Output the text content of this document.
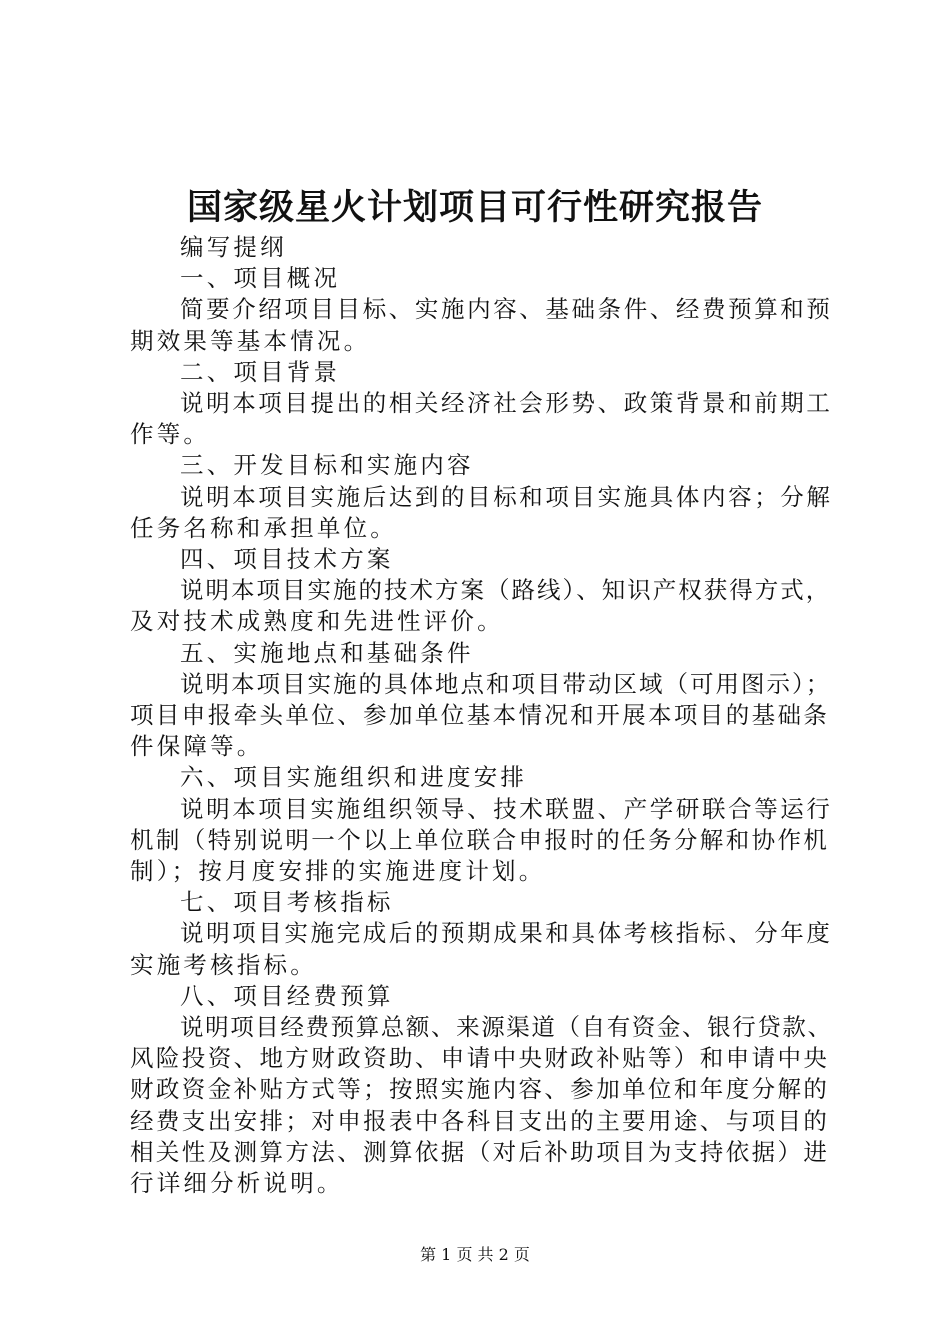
国家级星火计划项目可行性研究报告

编写提纲

一、项目概况

简要介绍项目目标、实施内容、基础条件、经费预算和预

期效果等基本情况。

二、项目背景

说明本项目提出的相关经济社会形势、政策背景和前期工

作等。

三、开发目标和实施内容

说明本项目实施后达到的目标和项目实施具体内容；分解

任务名称和承担单位。

四、项目技术方案

说明本项目实施的技术方案（路线）、知识产权获得方式，

及对技术成熟度和先进性评价。

五、实施地点和基础条件

说明本项目实施的具体地点和项目带动区域（可用图示）；

项目申报牵头单位、参加单位基本情况和开展本项目的基础条

件保障等。

六、项目实施组织和进度安排

说明本项目实施组织领导、技术联盟、产学研联合等运行

机制（特别说明一个以上单位联合申报时的任务分解和协作机

制）；按月度安排的实施进度计划。

七、项目考核指标

说明项目实施完成后的预期成果和具体考核指标、分年度

实施考核指标。

八、项目经费预算

说明项目经费预算总额、来源渠道（自有资金、银行贷款、

风险投资、地方财政资助、申请中央财政补贴等）和申请中央

财政资金补贴方式等；按照实施内容、参加单位和年度分解的

经费支出安排；对申报表中各科目支出的主要用途、与项目的

相关性及测算方法、测算依据（对后补助项目为支持依据）进

行详细分析说明。

第 1 页 共 2 页
